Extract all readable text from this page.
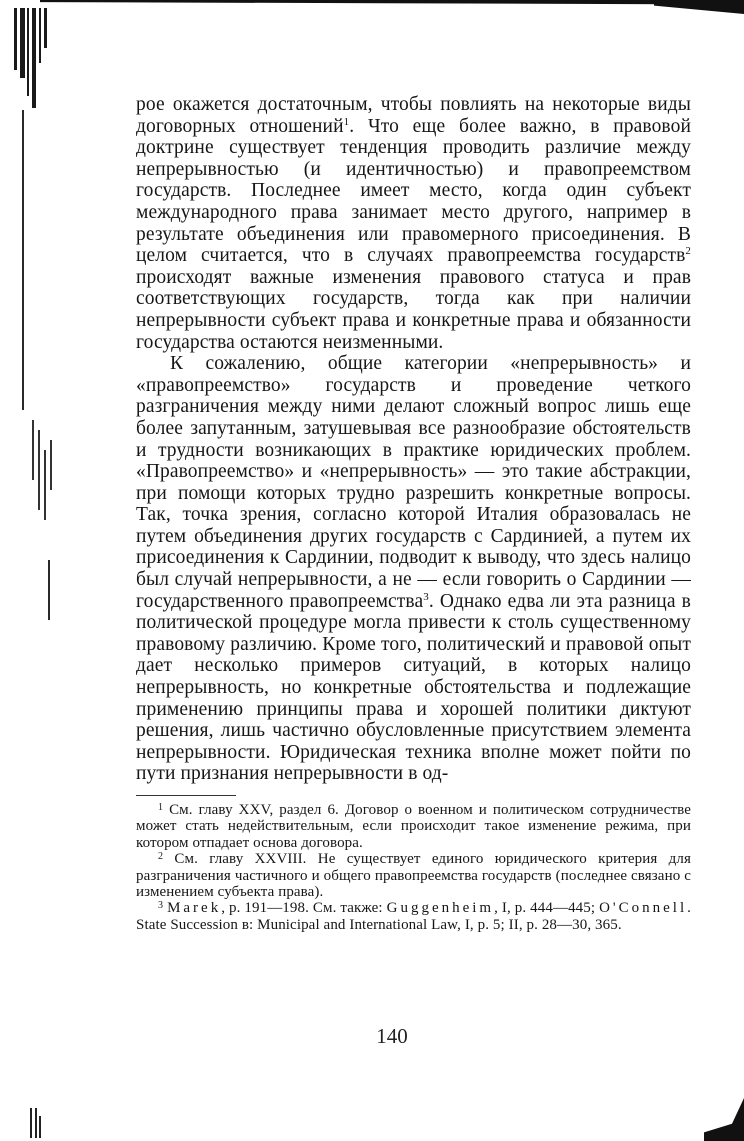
рое окажется достаточным, чтобы повлиять на некоторые виды договорных отношений$^1$. Что еще более важно, в правовой доктрине существует тенденция проводить различие между непрерывностью (и идентичностью) и правопреемством государств. Последнее имеет место, когда один субъект международного права занимает место другого, например в результате объединения или правомерного присоединения. В целом считается, что в случаях правопреемства государств$^2$ происходят важные изменения правового статуса и прав соответствующих государств, тогда как при наличии непрерывности субъект права и конкретные права и обязанности государства остаются неизменными.

К сожалению, общие категории «непрерывность» и «правопреемство» государств и проведение четкого разграничения между ними делают сложный вопрос лишь еще более запутанным, затушевывая все разнообразие обстоятельств и трудности возникающих в практике юридических проблем. «Правопреемство» и «непрерывность» — это такие абстракции, при помощи которых трудно разрешить конкретные вопросы. Так, точка зрения, согласно которой Италия образовалась не путем объединения других государств с Сардинией, а путем их присоединения к Сардинии, подводит к выводу, что здесь налицо был случай непрерывности, а не — если говорить о Сардинии — государственного правопреемства$^3$. Однако едва ли эта разница в политической процедуре могла привести к столь существенному правовому различию. Кроме того, политический и правовой опыт дает несколько примеров ситуаций, в которых налицо непрерывность, но конкретные обстоятельства и подлежащие применению принципы права и хорошей политики диктуют решения, лишь частично обусловленные присутствием элемента непрерывности. Юридическая техника вполне может пойти по пути признания непрерывности в од-

$^1$ См. главу XXV, раздел 6. Договор о военном и политическом сотрудничестве может стать недействительным, если происходит такое изменение режима, при котором отпадает основа договора.

$^2$ См. главу XXVIII. Не существует единого юридического критерия для разграничения частичного и общего правопреемства государств (последнее связано с изменением субъекта права).

$^3$ Marek, p. 191—198. См. также: Guggenheim, I, p. 444—445; O'Connell. State Succession в: Municipal and International Law, I, p. 5; II, p. 28—30, 365.

140
